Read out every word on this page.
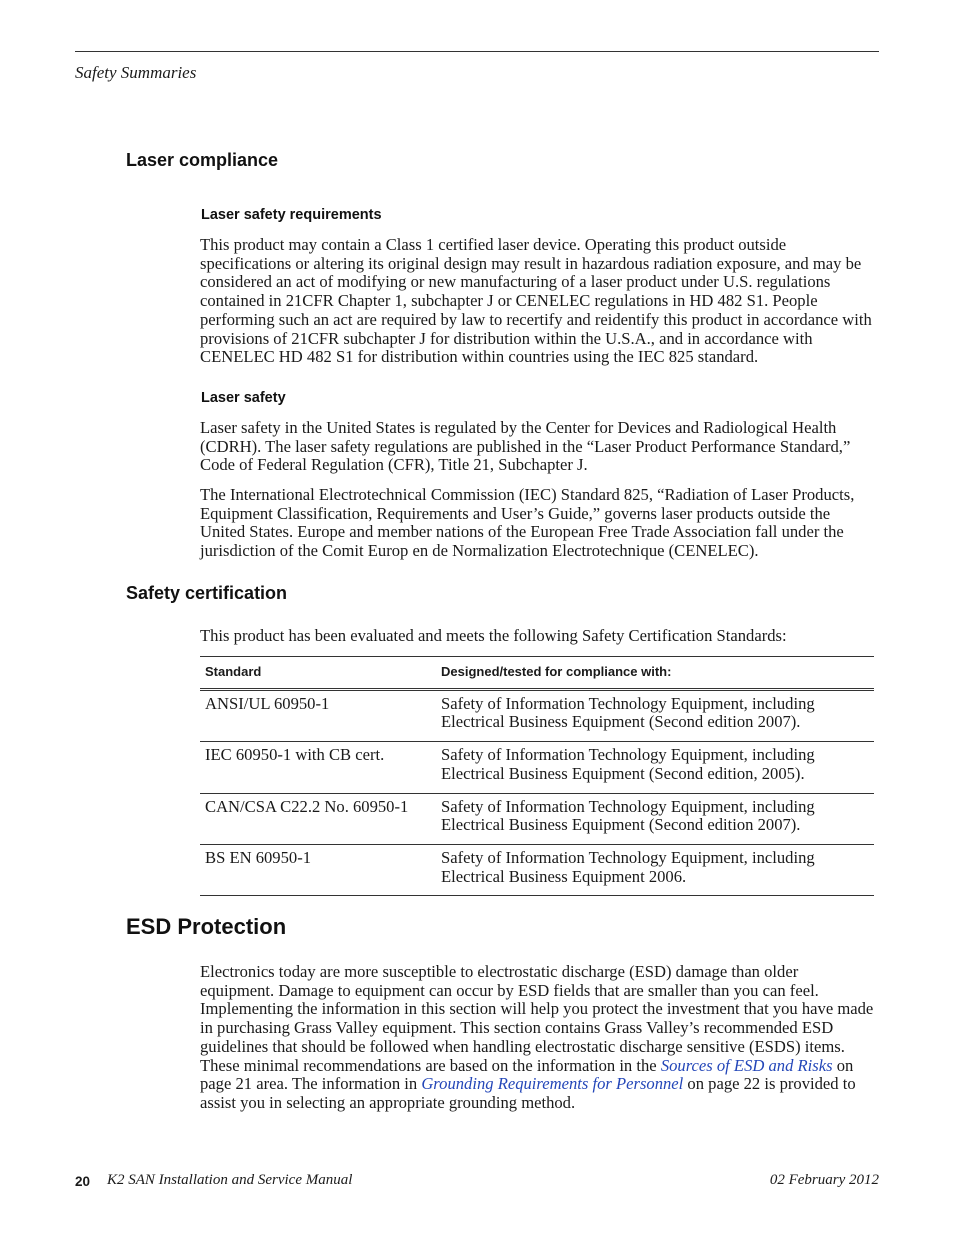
Safety Summaries
Laser compliance
Laser safety requirements

This product may contain a Class 1 certified laser device. Operating this product outside specifications or altering its original design may result in hazardous radiation exposure, and may be considered an act of modifying or new manufacturing of a laser product under U.S. regulations contained in 21CFR Chapter 1, subchapter J or CENELEC regulations in HD 482 S1. People performing such an act are required by law to recertify and reidentify this product in accordance with provisions of 21CFR subchapter J for distribution within the U.S.A., and in accordance with CENELEC HD 482 S1 for distribution within countries using the IEC 825 standard.

Laser safety

Laser safety in the United States is regulated by the Center for Devices and Radiological Health (CDRH). The laser safety regulations are published in the “Laser Product Performance Standard,” Code of Federal Regulation (CFR), Title 21, Subchapter J.

The International Electrotechnical Commission (IEC) Standard 825, “Radiation of Laser Products, Equipment Classification, Requirements and User’s Guide,” governs laser products outside the United States. Europe and member nations of the European Free Trade Association fall under the jurisdiction of the Comit Europ en de Normalization Electrotechnique (CENELEC).

Safety certification

This product has been evaluated and meets the following Safety Certification Standards:

Standard	Designed/tested for compliance with:
ANSI/UL 60950-1	Safety of Information Technology Equipment, including Electrical Business Equipment (Second edition 2007).
IEC 60950-1 with CB cert.	Safety of Information Technology Equipment, including Electrical Business Equipment (Second edition, 2005).
CAN/CSA C22.2 No. 60950-1	Safety of Information Technology Equipment, including Electrical Business Equipment (Second edition 2007).
BS EN 60950-1	Safety of Information Technology Equipment, including Electrical Business Equipment 2006.
ESD Protection

Electronics today are more susceptible to electrostatic discharge (ESD) damage than older equipment. Damage to equipment can occur by ESD fields that are smaller than you can feel. Implementing the information in this section will help you protect the investment that you have made in purchasing Grass Valley equipment. This section contains Grass Valley’s recommended ESD guidelines that should be followed when handling electrostatic discharge sensitive (ESDS) items. These minimal recommendations are based on the information in the Sources of ESD and Risks on page 21 area. The information in Grounding Requirements for Personnel on page 22 is provided to assist you in selecting an appropriate grounding method.

20 K2 SAN Installation and Service Manual	02 February 2012
